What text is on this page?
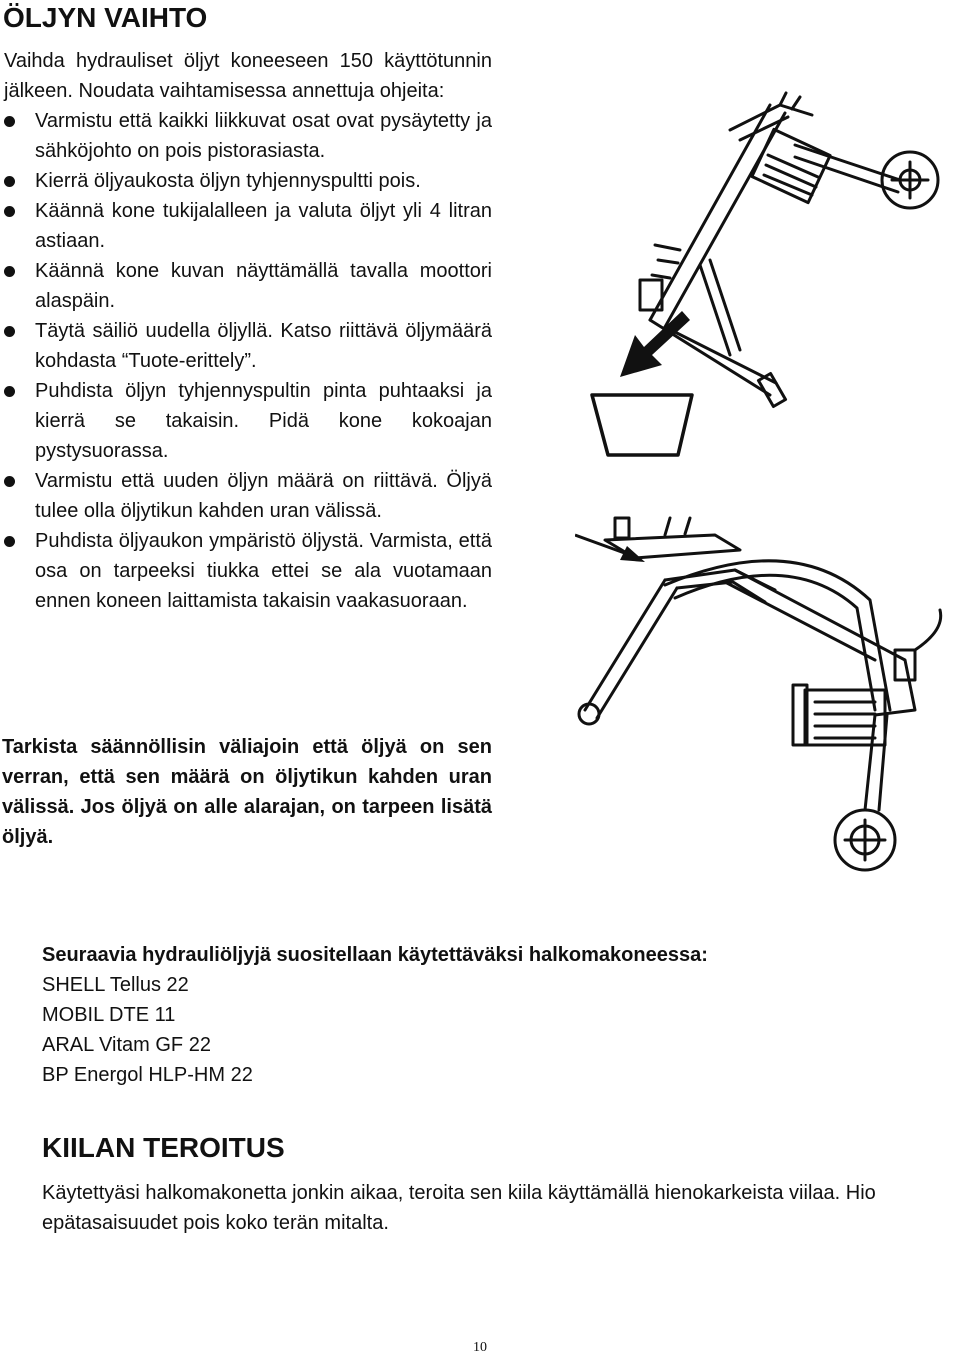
ÖLJYN VAIHTO

Vaihda hydrauliset öljyt koneeseen 150 käyttötunnin jälkeen. Noudata vaihtamisessa annettuja ohjeita:

Varmistu että kaikki liikkuvat osat ovat pysäytetty ja sähköjohto on pois pistorasiasta.
Kierrä öljyaukosta öljyn tyhjennyspultti pois.
Käännä kone tukijalalleen ja valuta öljyt yli 4 litran astiaan.
Käännä kone kuvan näyttämällä tavalla moottori alaspäin.
Täytä säiliö uudella öljyllä. Katso riittävä öljymäärä kohdasta “Tuote-erittely”.
Puhdista öljyn tyhjennyspultin pinta puhtaaksi ja kierrä se takaisin. Pidä kone kokoajan pystysuorassa.
Varmistu että uuden öljyn määrä on riittävä. Öljyä tulee olla öljytikun kahden uran välissä.
Puhdista öljyaukon ympäristö öljystä. Varmista, että osa on tarpeeksi tiukka ettei se ala vuotamaan ennen koneen laittamista takaisin vaakasuoraan.

Tarkista säännöllisin väliajoin että öljyä on sen verran, että sen määrä on öljytikun kahden uran välissä. Jos öljyä on alle alarajan, on tarpeen lisätä öljyä.

Seuraavia hydrauliöljyjä suositellaan käytettäväksi halkomakoneessa:

SHELL Tellus 22
MOBIL DTE 11
ARAL Vitam GF 22
BP Energol HLP-HM 22
KIILAN TEROITUS

Käytettyäsi halkomakonetta jonkin aikaa, teroita sen kiila käyttämällä hienokarkeista viilaa. Hio epätasaisuudet pois koko terän mitalta.

10
